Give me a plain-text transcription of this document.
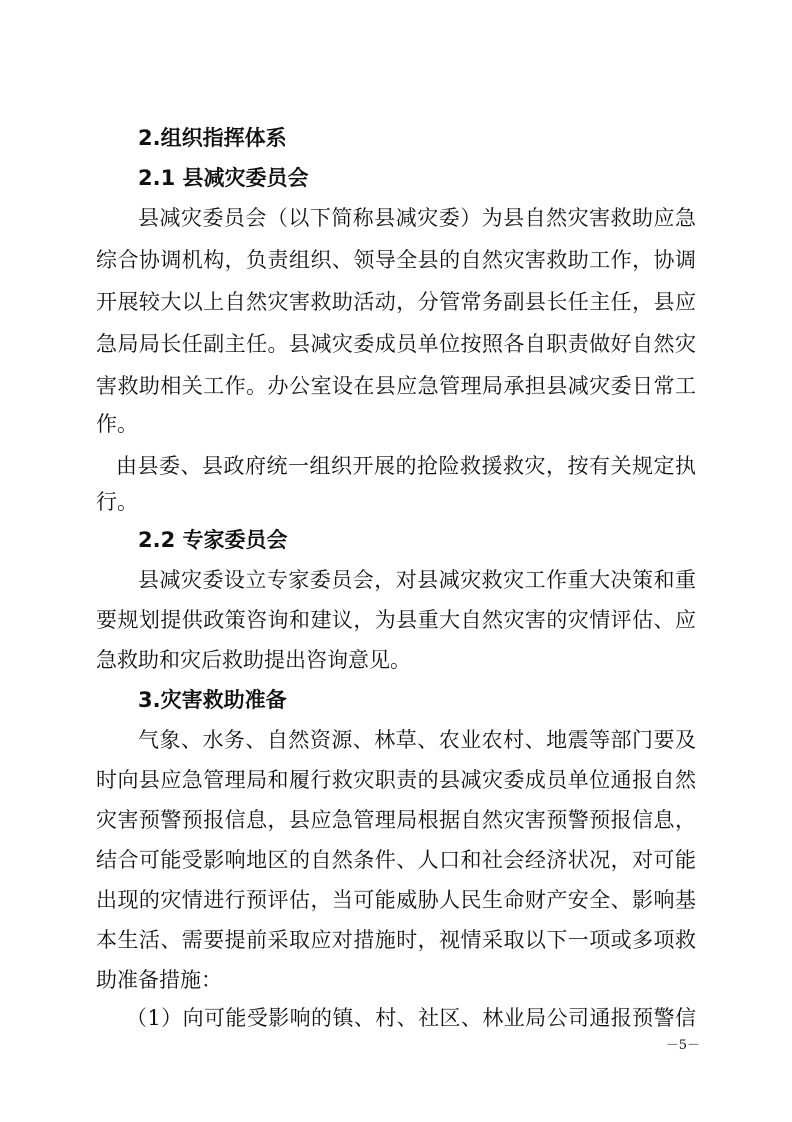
2.组织指挥体系
2.1 县减灾委员会
县减灾委员会（以下简称县减灾委）为县自然灾害救助应急
综合协调机构，负责组织、领导全县的自然灾害救助工作，协调
开展较大以上自然灾害救助活动，分管常务副县长任主任，县应
急局局长任副主任。县减灾委成员单位按照各自职责做好自然灾
害救助相关工作。办公室设在县应急管理局承担县减灾委日常工
作。
由县委、县政府统一组织开展的抢险救援救灾，按有关规定执
行。
2.2 专家委员会
县减灾委设立专家委员会，对县减灾救灾工作重大决策和重
要规划提供政策咨询和建议，为县重大自然灾害的灾情评估、应
急救助和灾后救助提出咨询意见。
3.灾害救助准备
气象、水务、自然资源、林草、农业农村、地震等部门要及
时向县应急管理局和履行救灾职责的县减灾委成员单位通报自然
灾害预警预报信息，县应急管理局根据自然灾害预警预报信息，
结合可能受影响地区的自然条件、人口和社会经济状况，对可能
出现的灾情进行预评估，当可能威胁人民生命财产安全、影响基
本生活、需要提前采取应对措施时，视情采取以下一项或多项救
助准备措施：
（1）向可能受影响的镇、村、社区、林业局公司通报预警信
－5－
